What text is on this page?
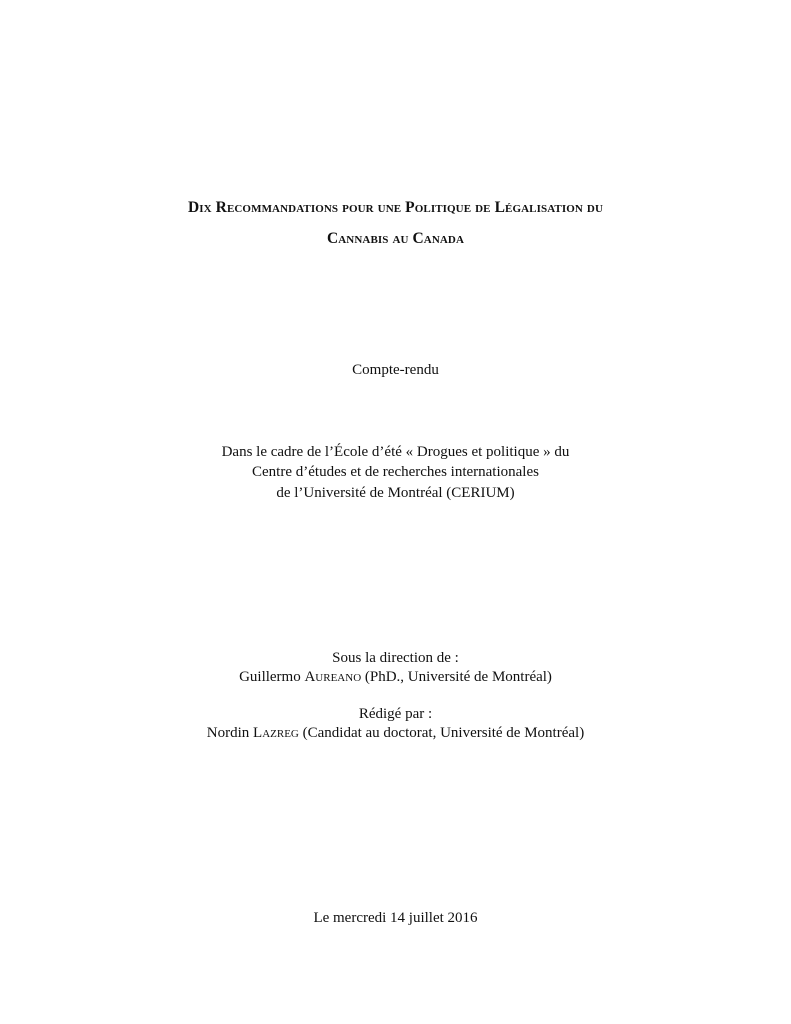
Dix Recommandations pour une Politique de Légalisation du
Cannabis au Canada
Compte-rendu
Dans le cadre de l’École d’été « Drogues et politique » du
Centre d’études et de recherches internationales
de l’Université de Montréal (CERIUM)
Sous la direction de :
Guillermo Aureano (PhD., Université de Montréal)
Rédigé par :
Nordin Lazreg (Candidat au doctorat, Université de Montréal)
Le mercredi 14 juillet 2016
